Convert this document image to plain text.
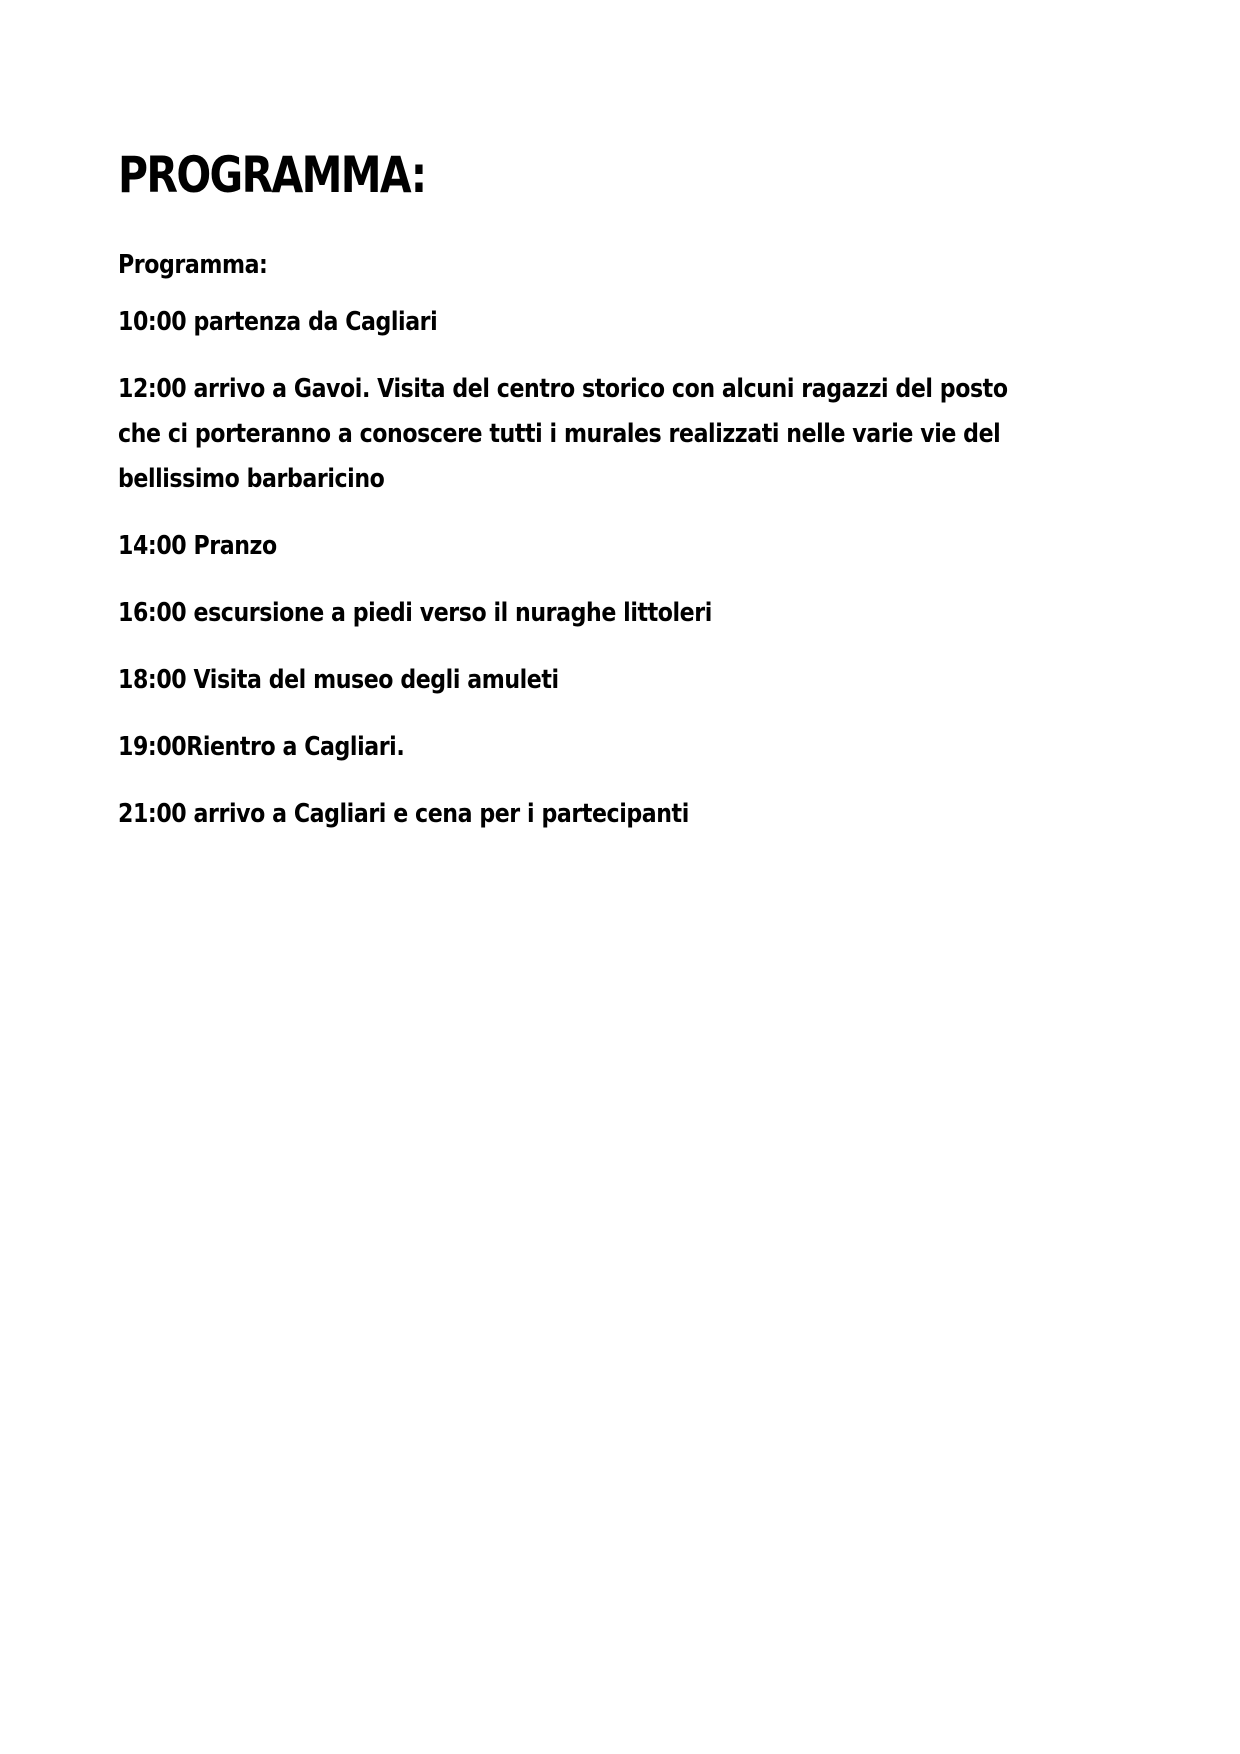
PROGRAMMA:

Programma:

10:00 partenza da Cagliari
12:00 arrivo a Gavoi. Visita del centro storico con alcuni ragazzi del posto che ci porteranno a conoscere tutti i murales realizzati nelle varie vie del bellissimo barbaricino
14:00 Pranzo
16:00 escursione a piedi verso il nuraghe littoleri
18:00 Visita del museo degli amuleti
19:00Rientro a Cagliari.
21:00 arrivo a Cagliari e cena per i partecipanti
